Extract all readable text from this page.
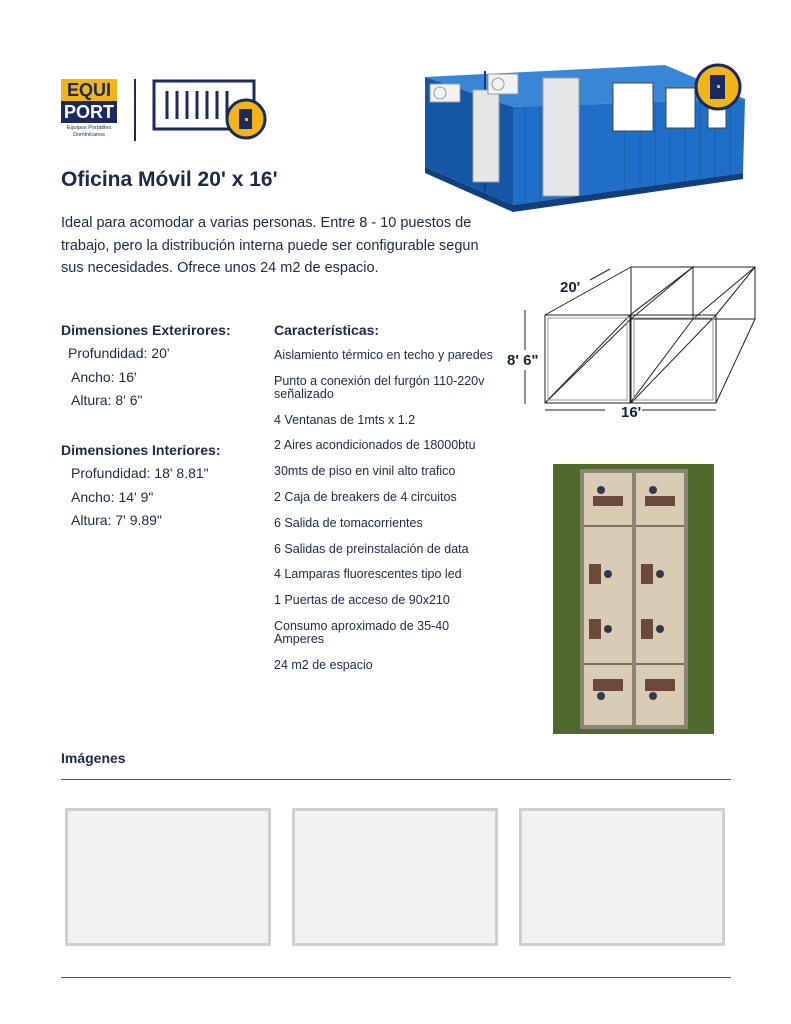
EQUI
PORT
Equipos Portátiles
Dominicanos
Oficina Móvil 20' x 16'
Ideal para acomodar a varias personas. Entre 8 - 10 puestos de trabajo, pero la distribución interna puede ser configurable segun sus necesidades. Ofrece unos 24 m2 de espacio.
20'
8' 6"
16'
Dimensiones Exterirores:
Profundidad: 20'
Ancho: 16'
Altura: 8' 6"
Dimensiones Interiores:
Profundidad: 18' 8.81"
Ancho: 14' 9"
Altura: 7' 9.89"
Características:
Aislamiento térmico en techo y paredes
Punto a conexión del furgón 110-220v señalizado
4 Ventanas de 1mts x 1.2
2 Aires acondicionados de 18000btu
30mts de piso en vinil alto trafico
2 Caja de breakers de 4 circuitos
6 Salida de tomacorrientes
6 Salidas de preinstalación de data
4 Lamparas fluorescentes tipo led
1 Puertas de acceso de 90x210
Consumo aproximado de 35-40 Amperes
24 m2 de espacio
Imágenes
